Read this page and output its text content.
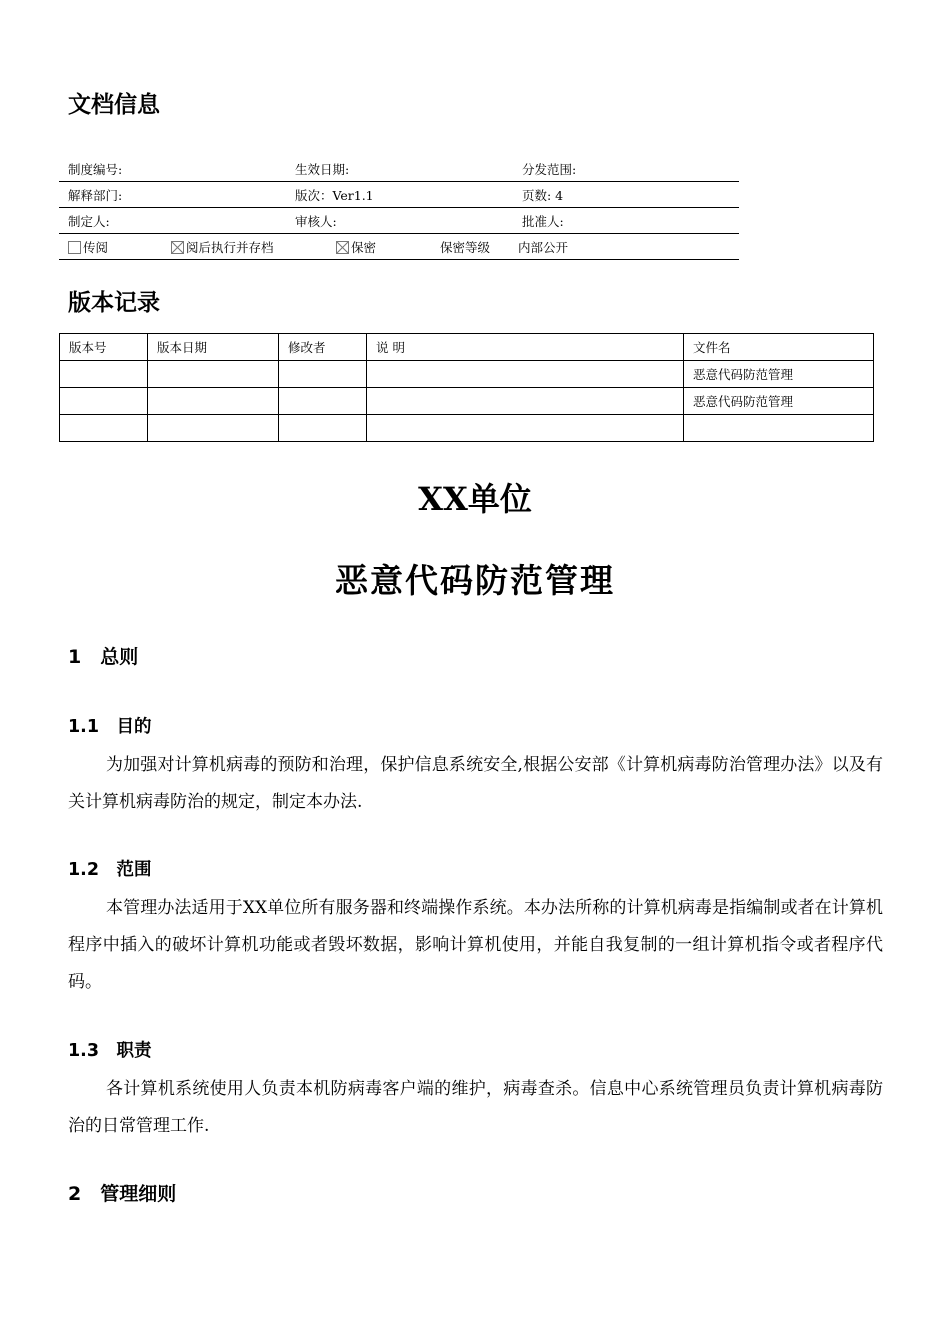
文档信息
制度编号:	生效日期:	分发范围:
解释部门:	版次：Ver1.1	页数: 4
制定人:	审核人:	批准人:
传阅 阅后执行并存档 保密 保密等级 内部公开		
版本记录
版本号	版本日期	修改者	说 明	文件名
				恶意代码防范管理
				恶意代码防范管理

XX单位
恶意代码防范管理
1　总则
1.1　目的
为加强对计算机病毒的预防和治理，保护信息系统安全,根据公安部《计算机病毒防治管理办法》以及有关计算机病毒防治的规定，制定本办法.
1.2　范围
本管理办法适用于XX单位所有服务器和终端操作系统。本办法所称的计算机病毒是指编制或者在计算机程序中插入的破坏计算机功能或者毁坏数据，影响计算机使用，并能自我复制的一组计算机指令或者程序代码。
1.3　职责
各计算机系统使用人负责本机防病毒客户端的维护，病毒查杀。信息中心系统管理员负责计算机病毒防治的日常管理工作.
2　管理细则
